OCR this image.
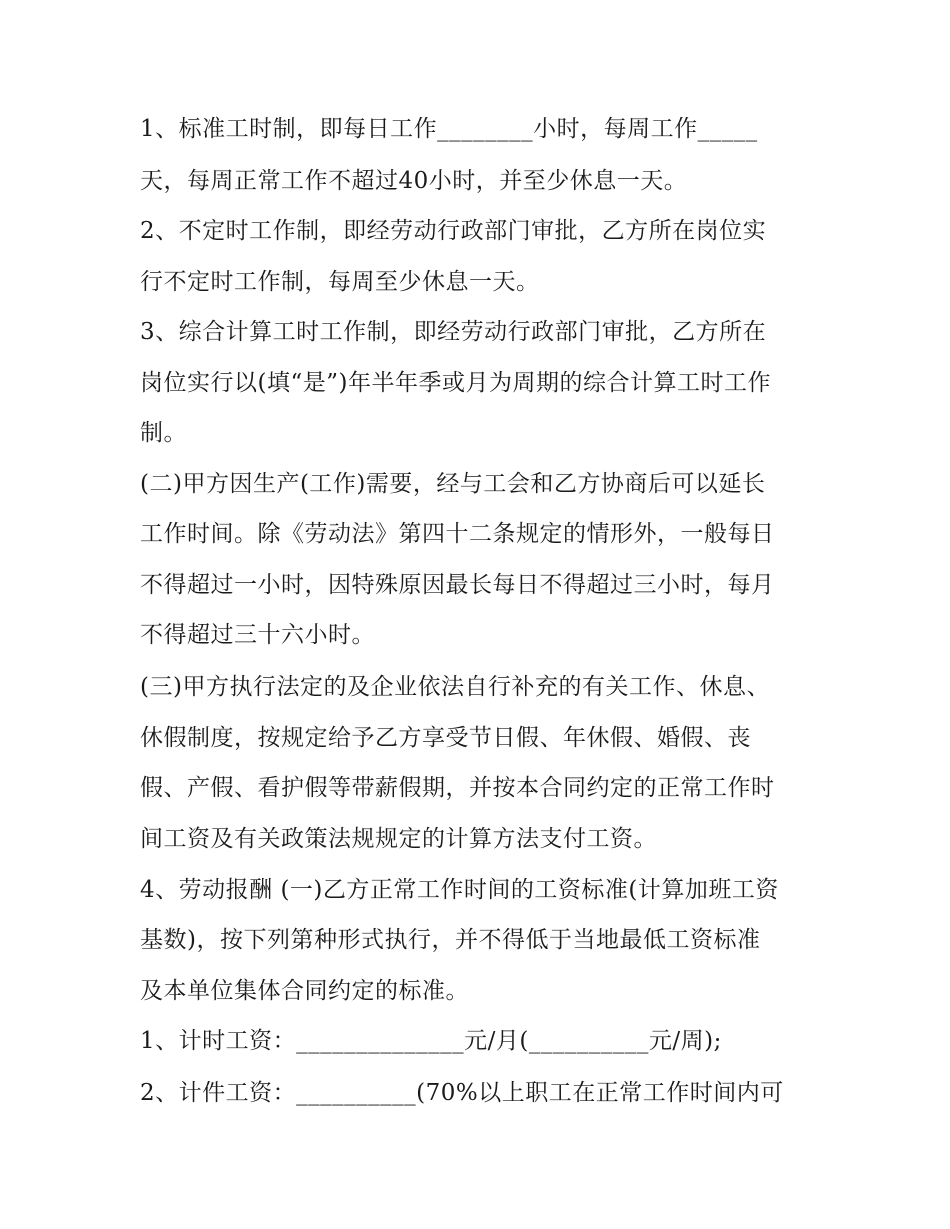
1、标准工时制，即每日工作________小时，每周工作_____
天，每周正常工作不超过40小时，并至少休息一天。
2、不定时工作制，即经劳动行政部门审批，乙方所在岗位实
行不定时工作制，每周至少休息一天。
3、综合计算工时工作制，即经劳动行政部门审批，乙方所在
岗位实行以(填“是”)年半年季或月为周期的综合计算工时工作
制。
(二)甲方因生产(工作)需要，经与工会和乙方协商后可以延长
工作时间。除《劳动法》第四十二条规定的情形外，一般每日
不得超过一小时，因特殊原因最长每日不得超过三小时，每月
不得超过三十六小时。
(三)甲方执行法定的及企业依法自行补充的有关工作、休息、
休假制度，按规定给予乙方享受节日假、年休假、婚假、丧
假、产假、看护假等带薪假期，并按本合同约定的正常工作时
间工资及有关政策法规规定的计算方法支付工资。
4、劳动报酬 (一)乙方正常工作时间的工资标准(计算加班工资
基数)，按下列第种形式执行，并不得低于当地最低工资标准
及本单位集体合同约定的标准。
1、计时工资：______________元/月(__________元/周);
2、计件工资：__________(70%以上职工在正常工作时间内可
